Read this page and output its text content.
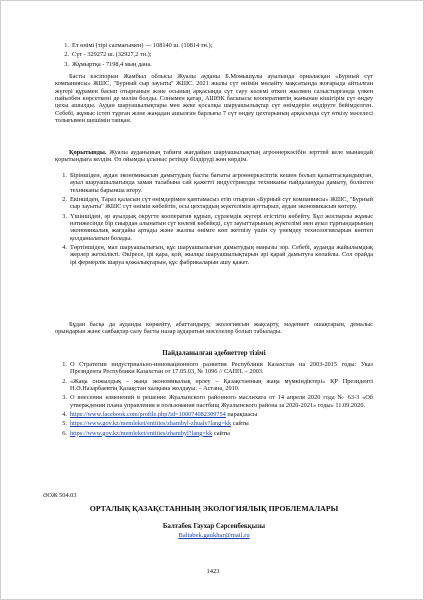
1. Ет өнімі (тірі салмағымен) — 108140 ш. (10814 тн.);
2. Сүт - 329272 ш. (32927,2 тн.);
3. Жұмыртқа - 7198,4 мың дана.
Басты кәсіпорын Жамбыл облысы Жуалы ауданы Б.Момышұлы ауылында орналасқан «Бурный сүт компаниясы» ЖШС, "Бурный сыр зауыты" ЖШС. 2021 жылы сүт өнімін мөлайту мақсатында жоғарыда айтылған жүгері құрамен басып отырғанын және осының арқасында сүт сауу көлемі өткен жылмен салыстырғанда үлкен пайызбен көрсеткені де мәлім болды. Сонымен қатар, АШӨК басшысы кооперативтің жанынан кішігірім сүт өндеу цехы ашылды. Аудан шаруашылықтары мен жеке қосалқы шаруашылықтар сүт өнімдерін өндіруге бейімделген. Себебі, жұмыс істеп тұрған және жаңадан ашылған барлығы 7 сүт өндеу цехтарының арқасында сүт өткізу мәселесі толығымен шешімін тапқан.
Қорытынды. Жуалы ауданының табиғи жағдайын шаруашылықтың агроөнеркәсібін зерттей келе мынандай қорытындыға келдім. Өз ойымды ұсыныс ретінде білдіруді жөн көрдім.
1. Біріншіден, аудан экономикасын дамытудың басты бағыты агроөнеркәсіптік кешен болып қалыптасқандықтан, ауыл шаруашылығында заман талабына сай қажетті индустриялды техниканы пайдалануды дамыту, болінген техниканы барынша игеру.
2. Екіншіден, Тараз қаласын сүт өнімдерімен қамтамасыз етіп отырған «Бурный сүт компаниясы» ЖШС, "Бурный сыр зауыты" ЖШС сүт өнімін көбейтіп, осы цехтардың жүктелімін арттырып, аудан экономикасын көтеру.
3. Үшіншіден, әр ауылдық округте кооператив құрып, сүрлемдік жүгері егістігін көбейту. Бұл жоспарлы жұмыс нәтижесінде бір сиырдан алынатын сүт көлемі көбейеді, сүт зауыттарының жүктелімі мен ауыл тұрғындарының экономикалық жағдайы артады және жалпы өнімге көп жетпізу үшін су үнемдеу технологияларын көптеп қолданылатын болады.
4. Төртіншіден, мал шаруашылығын, құс шаруашылығын дамытудың маңызы зор. Себебі, ауданда жайылымдық жерлер жеткілікті. Әкіресе, ірі қара, қой, жылқы шаруашылықтарын әрі қарай дамытуға көлайлы. Сол орайда ірі фермерлік шаруа қожалықтарын, құс фабрикаларын ашу қажет.
Бұдан басқа да ауданды көркейту, абаттандыру, экологиясын жақсарту, мәдениет ошақтарын, демалыс орындарын және саябақтар салу басты назар аударатын мәселелер болып табылады.
Пайдаланылған әдебиеттер тізімі
1. О Стратегии индустриально-инновационного развития Республики Казахстан на 2003-2015 годы: Указ Президента Республики Казахстан от 17.05.03, № 1096 // САПП. – 2003.
2. «Жаңа онжылдық – жаңа экономикалық өрлеу – Қазақстанның жаңа мүмкіндіктері» ҚР Президенті Н.Ә.Назарбаевтің Қазақстан халқына жолдауы. – Астана, 2010.
3. О внесении изменений в решение Жуалынского районного маслихата от 14 апреля 2020 года № 63-3 «Об утверждении плана управления и пользования пастбищ Жуалынского района за 2020-2021» годы» 11.09.2020.
4. https://www.facebook.com/profile.php?id=100074082309754 парақшасы
5. https://www.gov.kz/memleket/entities/zhambyl-zhualy?lang=kk сайты
6. https://www.gov.kz/memleket/entities/zhambyl?lang=kk сайты
ӘОЖ 504.03
ОРТАЛЫҚ ҚАЗАҚСТАННЫҢ ЭКОЛОГИЯЛЫҚ ПРОБЛЕМАЛАРЫ
Балтабек Гаухар Сәрсенбекқызы
Baltabek.gaukhar@mail.ru
1423
